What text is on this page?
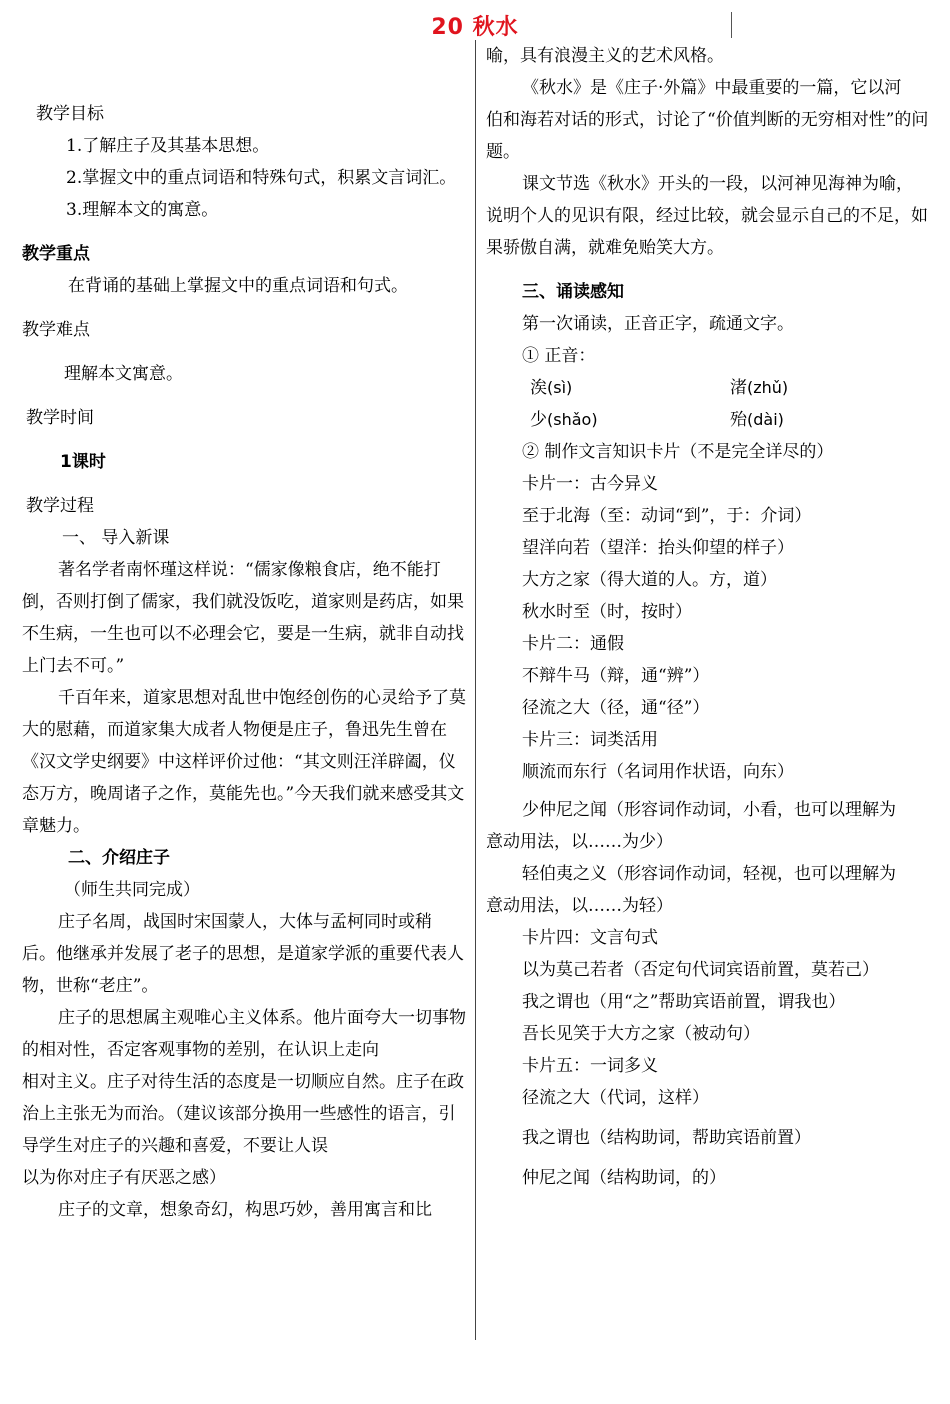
20 秋水
教学目标
1.了解庄子及其基本思想。
2.掌握文中的重点词语和特殊句式，积累文言词汇。
3.理解本文的寓意。
教学重点
在背诵的基础上掌握文中的重点词语和句式。
教学难点
理解本文寓意。
教学时间
1课时
教学过程
一、 导入新课
著名学者南怀瑾这样说：“儒家像粮食店，绝不能打倒，否则打倒了儒家，我们就没饭吃，道家则是药店，如果不生病，一生也可以不必理会它，要是一生病，就非自动找上门去不可。”
千百年来，道家思想对乱世中饱经创伤的心灵给予了莫大的慰藉，而道家集大成者人物便是庄子，鲁迅先生曾在《汉文学史纲要》中这样评价过他：“其文则汪洋辟阖，仪态万方，晚周诸子之作，莫能先也。”今天我们就来感受其文章魅力。
二、介绍庄子
（师生共同完成）
庄子名周，战国时宋国蒙人，大体与孟柯同时或稍
后。他继承并发展了老子的思想，是道家学派的重要代表人物，世称“老庄”。
庄子的思想属主观唯心主义体系。他片面夸大一切事物的相对性，否定客观事物的差别，在认识上走向
相对主义。庄子对待生活的态度是一切顺应自然。庄子在政治上主张无为而治。（建议该部分换用一些感性的语言，引导学生对庄子的兴趣和喜爱，不要让人误
以为你对庄子有厌恶之感）
庄子的文章，想象奇幻，构思巧妙，善用寓言和比
喻，具有浪漫主义的艺术风格。
《秋水》是《庄子·外篇》中最重要的一篇，它以河
伯和海若对话的形式，讨论了“价值判断的无穷相对性”的问题。
课文节选《秋水》开头的一段，以河神见海神为喻，
说明个人的见识有限，经过比较，就会显示自己的不足，如果骄傲自满，就难免贻笑大方。
三、诵读感知
第一次诵读，正音正字，疏通文字。
① 正音：
涘(sì)	渚(zhǔ)
少(shǎo)	殆(dài)
② 制作文言知识卡片（不是完全详尽的）
卡片一：古今异义
至于北海（至：动词“到”，于：介词）
望洋向若（望洋：抬头仰望的样子）
大方之家（得大道的人。方，道）
秋水时至（时，按时）
卡片二：通假
不辩牛马（辩，通“辨”）
径流之大（径，通“径”）
卡片三：词类活用
顺流而东行（名词用作状语，向东）
少仲尼之闻（形容词作动词，小看，也可以理解为
意动用法，以……为少）
轻伯夷之义（形容词作动词，轻视，也可以理解为
意动用法，以……为轻）
卡片四：文言句式
以为莫己若者（否定句代词宾语前置，莫若己）
我之谓也（用“之”帮助宾语前置，谓我也）
吾长见笑于大方之家（被动句）
卡片五：一词多义
径流之大（代词，这样）
我之谓也（结构助词，帮助宾语前置）
仲尼之闻（结构助词，的）
